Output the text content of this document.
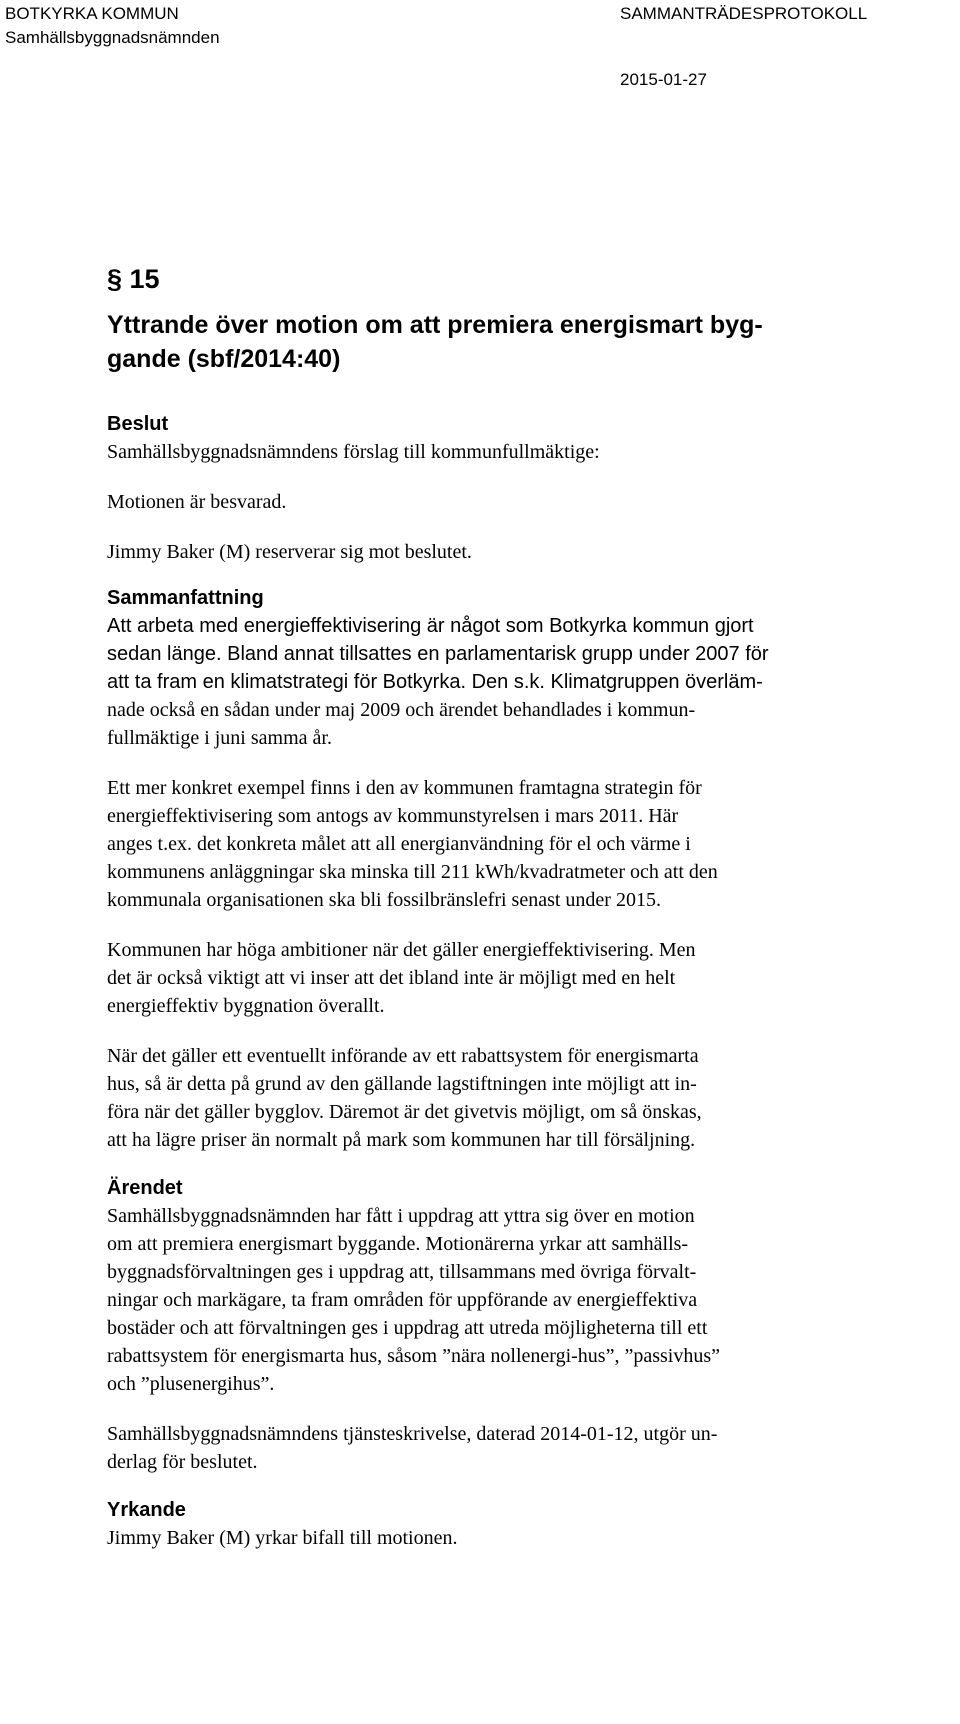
BOTKYRKA KOMMUN
Samhällsbyggnadsnämnden
SAMMANTRÄDESPROTOKOLL
2015-01-27
§ 15
Yttrande över motion om att premiera energismart byg-
gande (sbf/2014:40)
Beslut
Samhällsbyggnadsnämndens förslag till kommunfullmäktige:
Motionen är besvarad.
Jimmy Baker (M) reserverar sig mot beslutet.
Sammanfattning
Att arbeta med energieffektivisering är något som Botkyrka kommun gjort
sedan länge. Bland annat tillsattes en parlamentarisk grupp under 2007 för
att ta fram en klimatstrategi för Botkyrka. Den s.k. Klimatgruppen överläm-
nade också en sådan under maj 2009 och ärendet behandlades i kommun-
fullmäktige i juni samma år.
Ett mer konkret exempel finns i den av kommunen framtagna strategin för
energieffektivisering som antogs av kommunstyrelsen i mars 2011. Här
anges t.ex. det konkreta målet att all energianvändning för el och värme i
kommunens anläggningar ska minska till 211 kWh/kvadratmeter och att den
kommunala organisationen ska bli fossilbränslefri senast under 2015.
Kommunen har höga ambitioner när det gäller energieffektivisering. Men
det är också viktigt att vi inser att det ibland inte är möjligt med en helt
energieffektiv byggnation överallt.
När det gäller ett eventuellt införande av ett rabattsystem för energismarta
hus, så är detta på grund av den gällande lagstiftningen inte möjligt att in-
föra när det gäller bygglov. Däremot är det givetvis möjligt, om så önskas,
att ha lägre priser än normalt på mark som kommunen har till försäljning.
Ärendet
Samhällsbyggnadsnämnden har fått i uppdrag att yttra sig över en motion
om att premiera energismart byggande. Motionärerna yrkar att samhälls-
byggnadsförvaltningen ges i uppdrag att, tillsammans med övriga förvalt-
ningar och markägare, ta fram områden för uppförande av energieffektiva
bostäder och att förvaltningen ges i uppdrag att utreda möjligheterna till ett
rabattsystem för energismarta hus, såsom ”nära nollenergi-hus”, ”passivhus”
och ”plusenergihus”.
Samhällsbyggnadsnämndens tjänsteskrivelse, daterad 2014-01-12, utgör un-
derlag för beslutet.
Yrkande
Jimmy Baker (M) yrkar bifall till motionen.
